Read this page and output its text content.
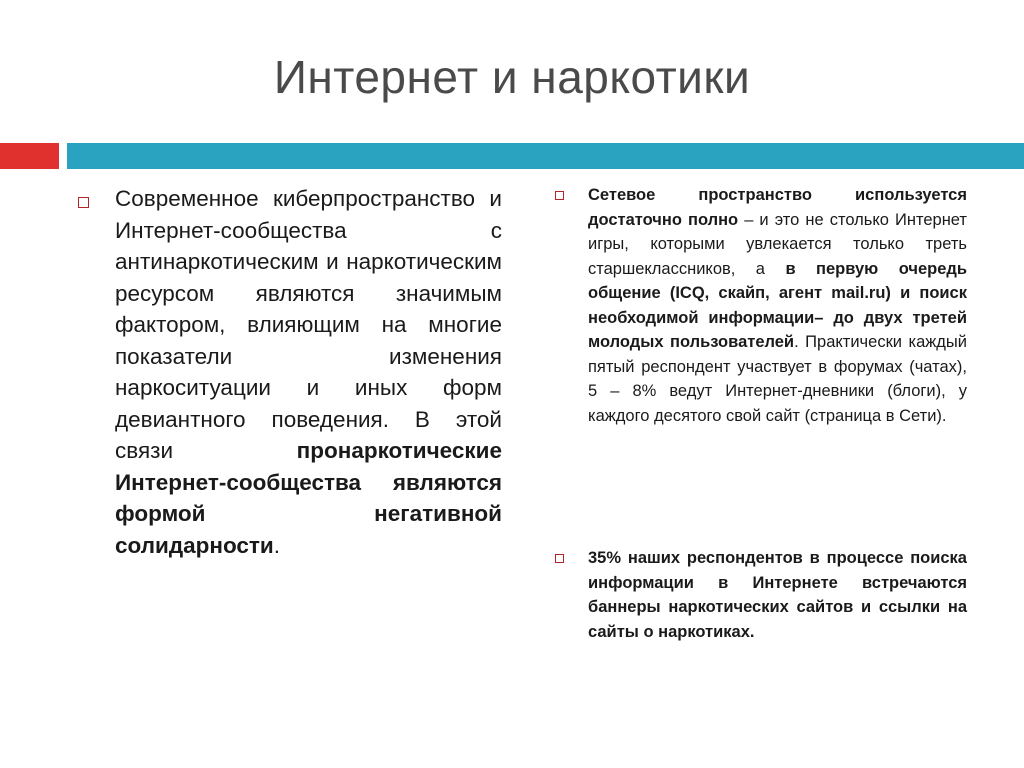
Интернет и наркотики
Современное киберпространство и Интернет-сообщества с антинаркотическим и наркотическим ресурсом являются значимым фактором, влияющим на многие показатели изменения наркоситуации и иных форм девиантного поведения. В этой связи пронаркотические Интернет-сообщества являются формой негативной солидарности.
Сетевое пространство используется достаточно полно – и это не столько Интернет игры, которыми увлекается только треть старшеклассников, а в первую очередь общение (ICQ, скайп, агент mail.ru) и поиск необходимой информации– до двух третей молодых пользователей. Практически каждый пятый респондент участвует в форумах (чатах), 5 – 8% ведут Интернет-дневники (блоги), у каждого десятого свой сайт (страница в Сети).
35% наших респондентов в процессе поиска информации в Интернете встречаются баннеры наркотических сайтов и ссылки на сайты о наркотиках.
